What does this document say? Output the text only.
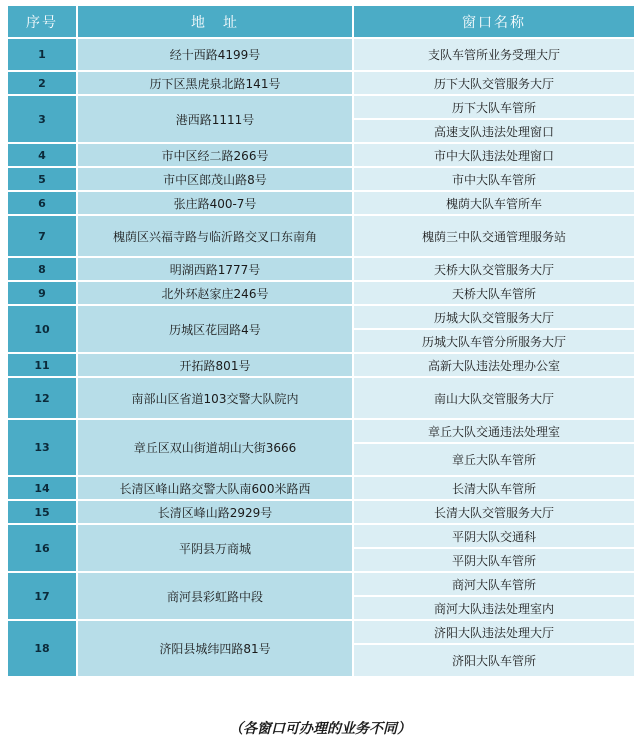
序号	地　址	窗口名称
1	经十西路4199号	支队车管所业务受理大厅
2	历下区黑虎泉北路141号	历下大队交管服务大厅
3	港西路1111号	历下大队车管所
		高速支队违法处理窗口
4	市中区经二路266号	市中大队违法处理窗口
5	市中区郎茂山路8号	市中大队车管所
6	张庄路400-7号	槐荫大队车管所车
7	槐荫区兴福寺路与临沂路交叉口东南角	槐荫三中队交通管理服务站
8	明湖西路1777号	天桥大队交管服务大厅
9	北外环赵家庄246号	天桥大队车管所
10	历城区花园路4号	历城大队交管服务大厅
		历城大队车管分所服务大厅
11	开拓路801号	高新大队违法处理办公室
12	南部山区省道103交警大队院内	南山大队交管服务大厅
13	章丘区双山街道胡山大街3666	章丘大队交通违法处理室
		章丘大队车管所
14	长清区峰山路交警大队南600米路西	长清大队车管所
15	长清区峰山路2929号	长清大队交管服务大厅
16	平阴县万商城	平阴大队交通科
		平阴大队车管所
17	商河县彩虹路中段	商河大队车管所
		商河大队违法处理室内
18	济阳县城纬四路81号	济阳大队违法处理大厅
		济阳大队车管所
（各窗口可办理的业务不同）
